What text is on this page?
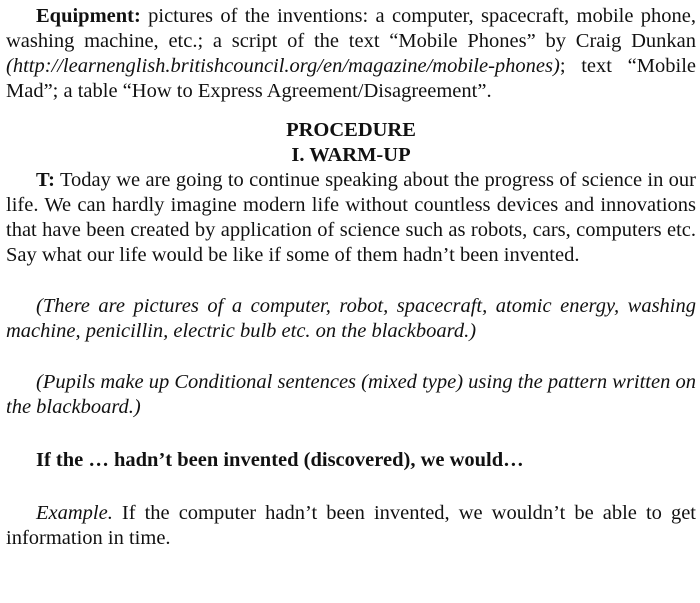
Equipment: pictures of the inventions: a computer, spacecraft, mobile phone, washing machine, etc.; a script of the text “Mobile Phones” by Craig Dunkan (http://learnenglish.britishcouncil.org/en/magazine/mobile-phones); text “Mobile Mad”; a table “How to Express Agreement/Disagreement”.

PROCEDURE

I. WARM-UP

T: Today we are going to continue speaking about the progress of science in our life. We can hardly imagine modern life without countless devices and innovations that have been created by application of science such as robots, cars, computers etc. Say what our life would be like if some of them hadn’t been invented.

(There are pictures of a computer, robot, spacecraft, atomic energy, washing machine, penicillin, electric bulb etc. on the blackboard.)

(Pupils make up Conditional sentences (mixed type) using the pattern written on the blackboard.)

If the … hadn’t been invented (discovered), we would…

Example. If the computer hadn’t been invented, we wouldn’t be able to get information in time.
